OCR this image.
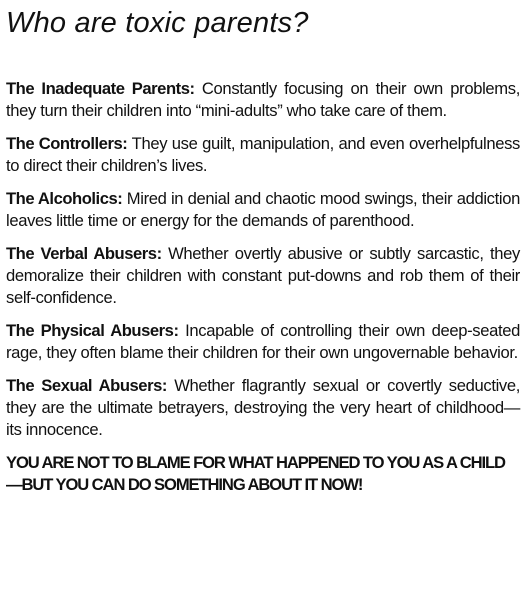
Who are toxic parents?

The Inadequate Parents: Constantly focusing on their own problems, they turn their children into “mini-adults” who take care of them.

The Controllers: They use guilt, manipulation, and even overhelpfulness to direct their children’s lives.

The Alcoholics: Mired in denial and chaotic mood swings, their addiction leaves little time or energy for the demands of parenthood.

The Verbal Abusers: Whether overtly abusive or subtly sarcastic, they demoralize their children with constant put-downs and rob them of their self-confidence.

The Physical Abusers: Incapable of controlling their own deep-seated rage, they often blame their children for their own ungovernable behavior.

The Sexual Abusers: Whether flagrantly sexual or covertly seductive, they are the ultimate betrayers, destroying the very heart of childhood—its innocence.

YOU ARE NOT TO BLAME FOR WHAT HAPPENED TO YOU AS A CHILD—BUT YOU CAN DO SOMETHING ABOUT IT NOW!
